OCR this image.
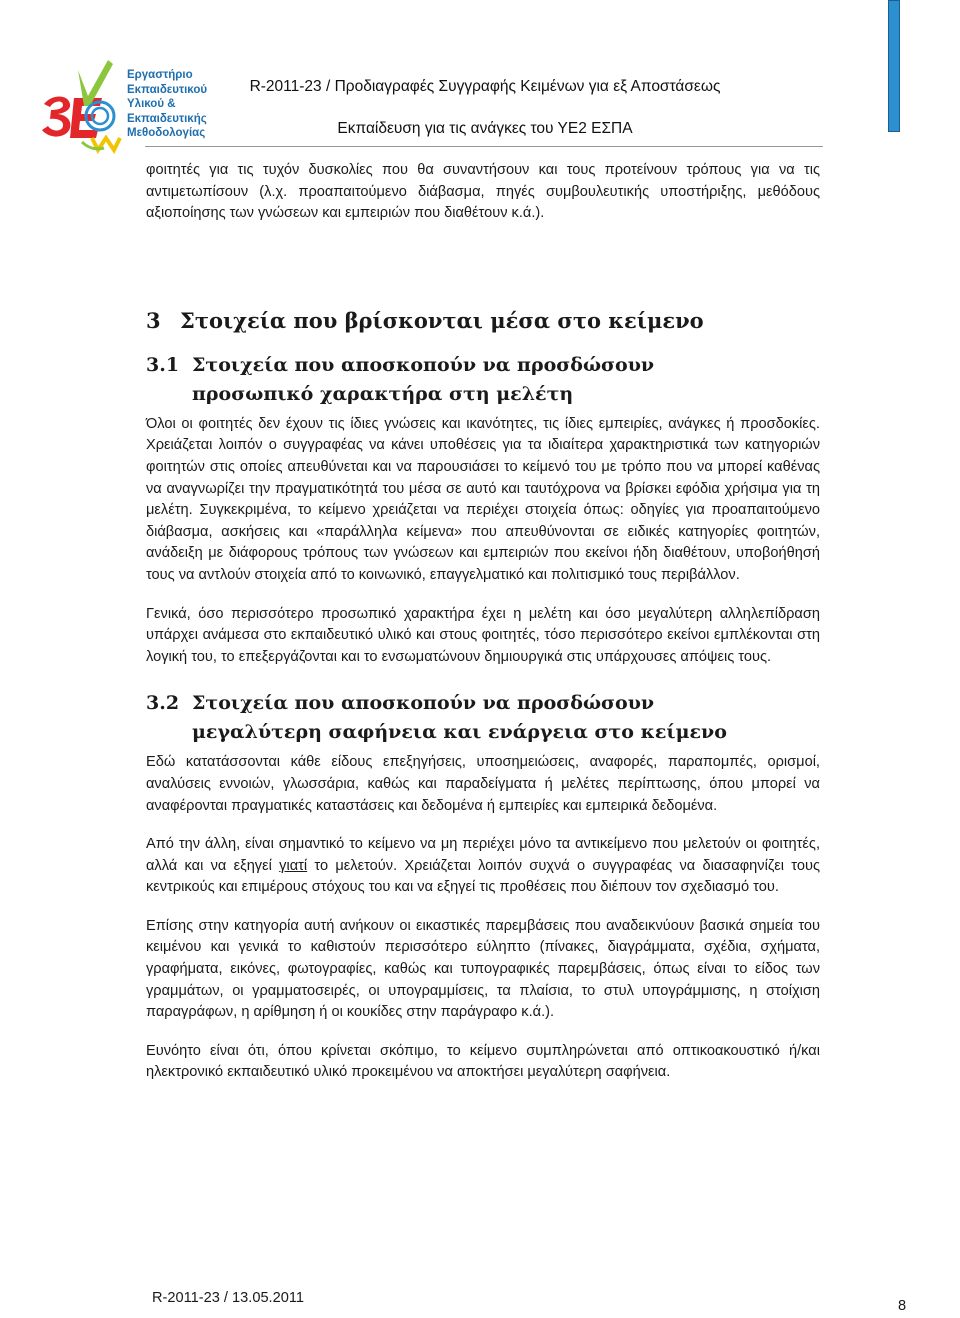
Εργαστήριο
Εκπαιδευτικού
Υλικού &
Εκπαιδευτικής
Μεθοδολογίας
R-2011-23 / Προδιαγραφές Συγγραφής Κειμένων για εξ Αποστάσεως
Εκπαίδευση για τις ανάγκες του ΥΕ2 ΕΣΠΑ

φοιτητές για τις τυχόν δυσκολίες που θα συναντήσουν και τους προτείνουν τρόπους για να τις αντιμετωπίσουν (λ.χ. προαπαιτούμενο διάβασμα, πηγές συμβουλευτικής υποστήριξης, μεθόδους αξιοποίησης των γνώσεων και εμπειριών που διαθέτουν κ.ά.).

3 Στοιχεία που βρίσκονται μέσα στο κείμενο
3.1 Στοιχεία που αποσκοπούν να προσδώσουν προσωπικό χαρακτήρα στη μελέτη

Όλοι οι φοιτητές δεν έχουν τις ίδιες γνώσεις και ικανότητες, τις ίδιες εμπειρίες, ανάγκες ή προσδοκίες. Χρειάζεται λοιπόν ο συγγραφέας να κάνει υποθέσεις για τα ιδιαίτερα χαρακτηριστικά των κατηγοριών φοιτητών στις οποίες απευθύνεται και να παρουσιάσει το κείμενό του με τρόπο που να μπορεί καθένας να αναγνωρίζει την πραγματικότητά του μέσα σε αυτό και ταυτόχρονα να βρίσκει εφόδια χρήσιμα για τη μελέτη. Συγκεκριμένα, το κείμενο χρειάζεται να περιέχει στοιχεία όπως: οδηγίες για προαπαιτούμενο διάβασμα, ασκήσεις και «παράλληλα κείμενα» που απευθύνονται σε ειδικές κατηγορίες φοιτητών, ανάδειξη με διάφορους τρόπους των γνώσεων και εμπειριών που εκείνοι ήδη διαθέτουν, υποβοήθησή τους να αντλούν στοιχεία από το κοινωνικό, επαγγελματικό και πολιτισμικό τους περιβάλλον.

Γενικά, όσο περισσότερο προσωπικό χαρακτήρα έχει η μελέτη και όσο μεγαλύτερη αλληλεπίδραση υπάρχει ανάμεσα στο εκπαιδευτικό υλικό και στους φοιτητές, τόσο περισσότερο εκείνοι εμπλέκονται στη λογική του, το επεξεργάζονται και το ενσωματώνουν δημιουργικά στις υπάρχουσες απόψεις τους.

3.2 Στοιχεία που αποσκοπούν να προσδώσουν μεγαλύτερη σαφήνεια και ενάργεια στο κείμενο

Εδώ κατατάσσονται κάθε είδους επεξηγήσεις, υποσημειώσεις, αναφορές, παραπομπές, ορισμοί, αναλύσεις εννοιών, γλωσσάρια, καθώς και παραδείγματα ή μελέτες περίπτωσης, όπου μπορεί να αναφέρονται πραγματικές καταστάσεις και δεδομένα ή εμπειρίες και εμπειρικά δεδομένα.

Από την άλλη, είναι σημαντικό το κείμενο να μη περιέχει μόνο τα αντικείμενο που μελετούν οι φοιτητές, αλλά και να εξηγεί γιατί το μελετούν. Χρειάζεται λοιπόν συχνά ο συγγραφέας να διασαφηνίζει τους κεντρικούς και επιμέρους στόχους του και να εξηγεί τις προθέσεις που διέπουν τον σχεδιασμό του.

Επίσης στην κατηγορία αυτή ανήκουν οι εικαστικές παρεμβάσεις που αναδεικνύουν βασικά σημεία του κειμένου και γενικά το καθιστούν περισσότερο εύληπτο (πίνακες, διαγράμματα, σχέδια, σχήματα, γραφήματα, εικόνες, φωτογραφίες, καθώς και τυπογραφικές παρεμβάσεις, όπως είναι το είδος των γραμμάτων, οι γραμματοσειρές, οι υπογραμμίσεις, τα πλαίσια, το στυλ υπογράμμισης, η στοίχιση παραγράφων, η αρίθμηση ή οι κουκίδες στην παράγραφο κ.ά.).

Ευνόητο είναι ότι, όπου κρίνεται σκόπιμο, το κείμενο συμπληρώνεται από οπτικοακουστικό ή/και ηλεκτρονικό εκπαιδευτικό υλικό προκειμένου να αποκτήσει μεγαλύτερη σαφήνεια.

R-2011-23 / 13.05.2011	8
